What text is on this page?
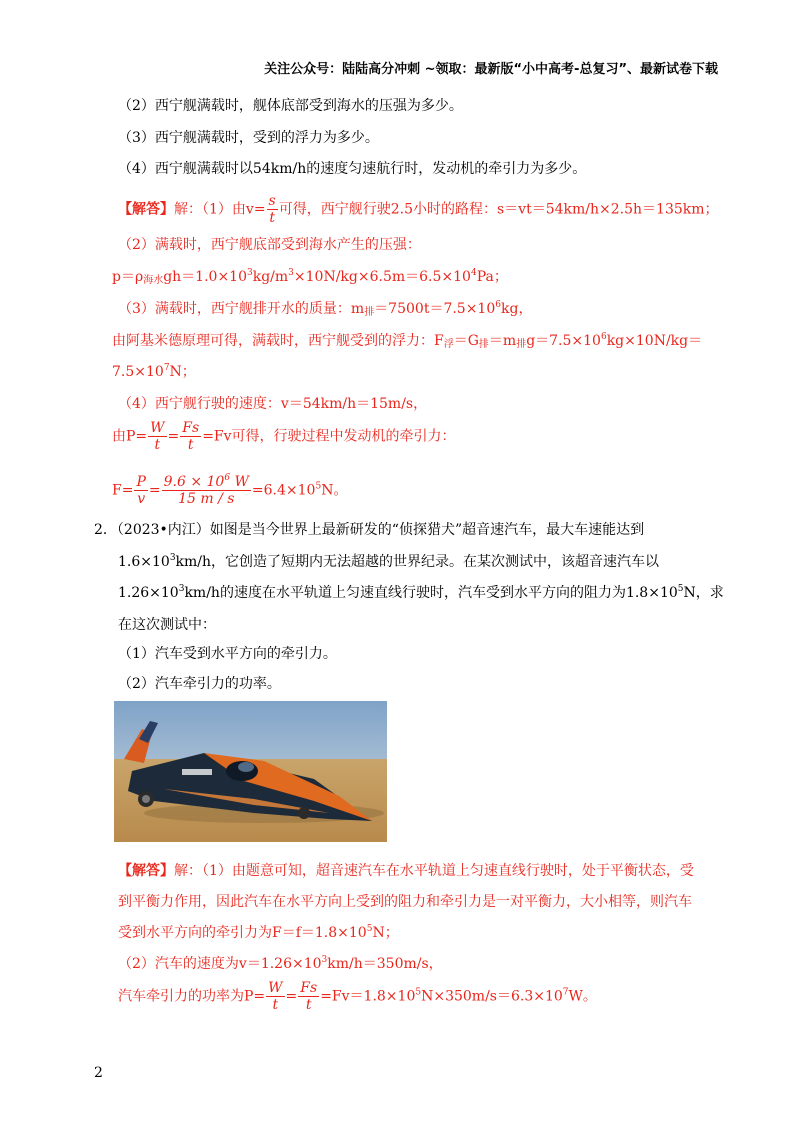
关注公众号：陆陆高分冲刺 ~领取：最新版“小中高考-总复习”、最新试卷下载
（2）西宁舰满载时，舰体底部受到海水的压强为多少。
（3）西宁舰满载时，受到的浮力为多少。
（4）西宁舰满载时以54km/h的速度匀速航行时，发动机的牵引力为多少。
【解答】解：（1）由$v= \frac{s}{t}$ 可得，西宁舰行驶2.5小时的路程：s＝vt＝54km/h×2.5h＝135km；
（2）满载时，西宁舰底部受到海水产生的压强：
$p=\rho_{海水}gh=1.0\times 10^3kg/m^3\times 10N/kg\times 6.5m=6.5\times 10^4Pa$；
（3）满载时，西宁舰排开水的质量：$m_排=7500t=7.5\times 10^6kg$，
由阿基米德原理可得，满载时，西宁舰受到的浮力：$F_浮=G_排=m_排g=7.5\times 10^6kg\times 10N/kg=$
$7.5\times 10^7N$；
（4）西宁舰行驶的速度：v＝54km/h＝15m/s，
由$P= \frac{W}{t} = \frac{Fs}{t} =Fv$可得，行驶过程中发动机的牵引力：
$F= \frac{P}{v} = \frac{9.6 \times 10^6 W}{15 m / s} =6.4\times 10^5N$。
2．（2023•内江）如图是当今世界上最新研发的“侦探猎犬”超音速汽车，最大车速能达到
$1.6\times 10^3km/h$，它创造了短期内无法超越的世界纪录。在某次测试中，该超音速汽车以
$1.26\times 10^3km/h$的速度在水平轨道上匀速直线行驶时，汽车受到水平方向的阻力为$1.8\times 10^5N$，求
在这次测试中：
（1）汽车受到水平方向的牵引力。
（2）汽车牵引力的功率。
【解答】解：（1）由题意可知，超音速汽车在水平轨道上匀速直线行驶时，处于平衡状态，受
到平衡力作用，因此汽车在水平方向上受到的阻力和牵引力是一对平衡力，大小相等，则汽车
受到水平方向的牵引力为$F=f=1.8\times 10^5N$；
（2）汽车的速度为$v=1.26\times 10^3km/h=350m/s$，
汽车牵引力的功率为$P= \frac{W}{t} = \frac{Fs}{t} =Fv=1.8\times 10^5N\times 350m/s=6.3\times 10^7W$。
2
